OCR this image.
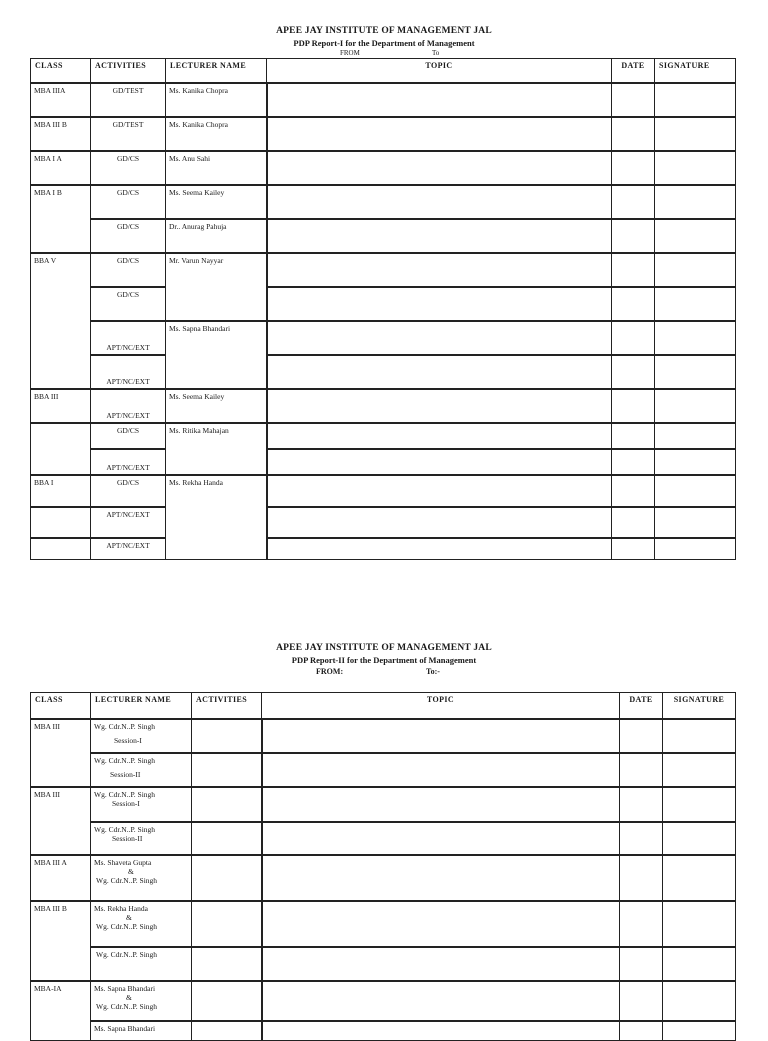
APEE JAY INSTITUTE OF MANAGEMENT JAL
PDP Report-I for the Department of Management
FROM	To
CLASS	ACTIVITIES	LECTURER NAME	TOPIC	DATE	SIGNATURE
MBA IIIA	GD/TEST	Ms. Kanika Chopra			
MBA III B	GD/TEST	Ms. Kanika Chopra			
MBA I A	GD/CS	Ms. Anu Sahi			
MBA I B	GD/CS	Ms. Seema Kailey			
	GD/CS	Dr.. Anurag Pahuja			
BBA V	GD/CS	Mr. Varun Nayyar			
	GD/CS				
	APT/NC/EXT	Ms. Sapna Bhandari			
	APT/NC/EXT				
BBA III	APT/NC/EXT	Ms. Seema Kailey			
	GD/CS	Ms. Ritika Mahajan			
	APT/NC/EXT				
BBA I	GD/CS	Ms. Rekha Handa			
	APT/NC/EXT				
	APT/NC/EXT				
APEE JAY INSTITUTE OF MANAGEMENT JAL
PDP Report-II for the Department of Management
FROM:	To:-
CLASS	LECTURER NAME	ACTIVITIES	TOPIC	DATE	SIGNATURE
MBA III	Wg. Cdr.N..P. Singh
Session-I				

	Wg. Cdr.N..P. Singh
Session-II				

MBA III	Wg. Cdr.N..P. Singh
Session-I				

	Wg. Cdr.N..P. Singh
Session-II				

MBA III A	Ms. Shaveta Gupta
&
Wg. Cdr.N..P. Singh				

MBA III B	Ms. Rekha Handa
&
Wg. Cdr.N..P. Singh				

	Wg. Cdr.N..P. Singh				

MBA-IA	Ms. Sapna Bhandari
&
Wg. Cdr.N..P. Singh				

	Ms. Sapna Bhandari				
